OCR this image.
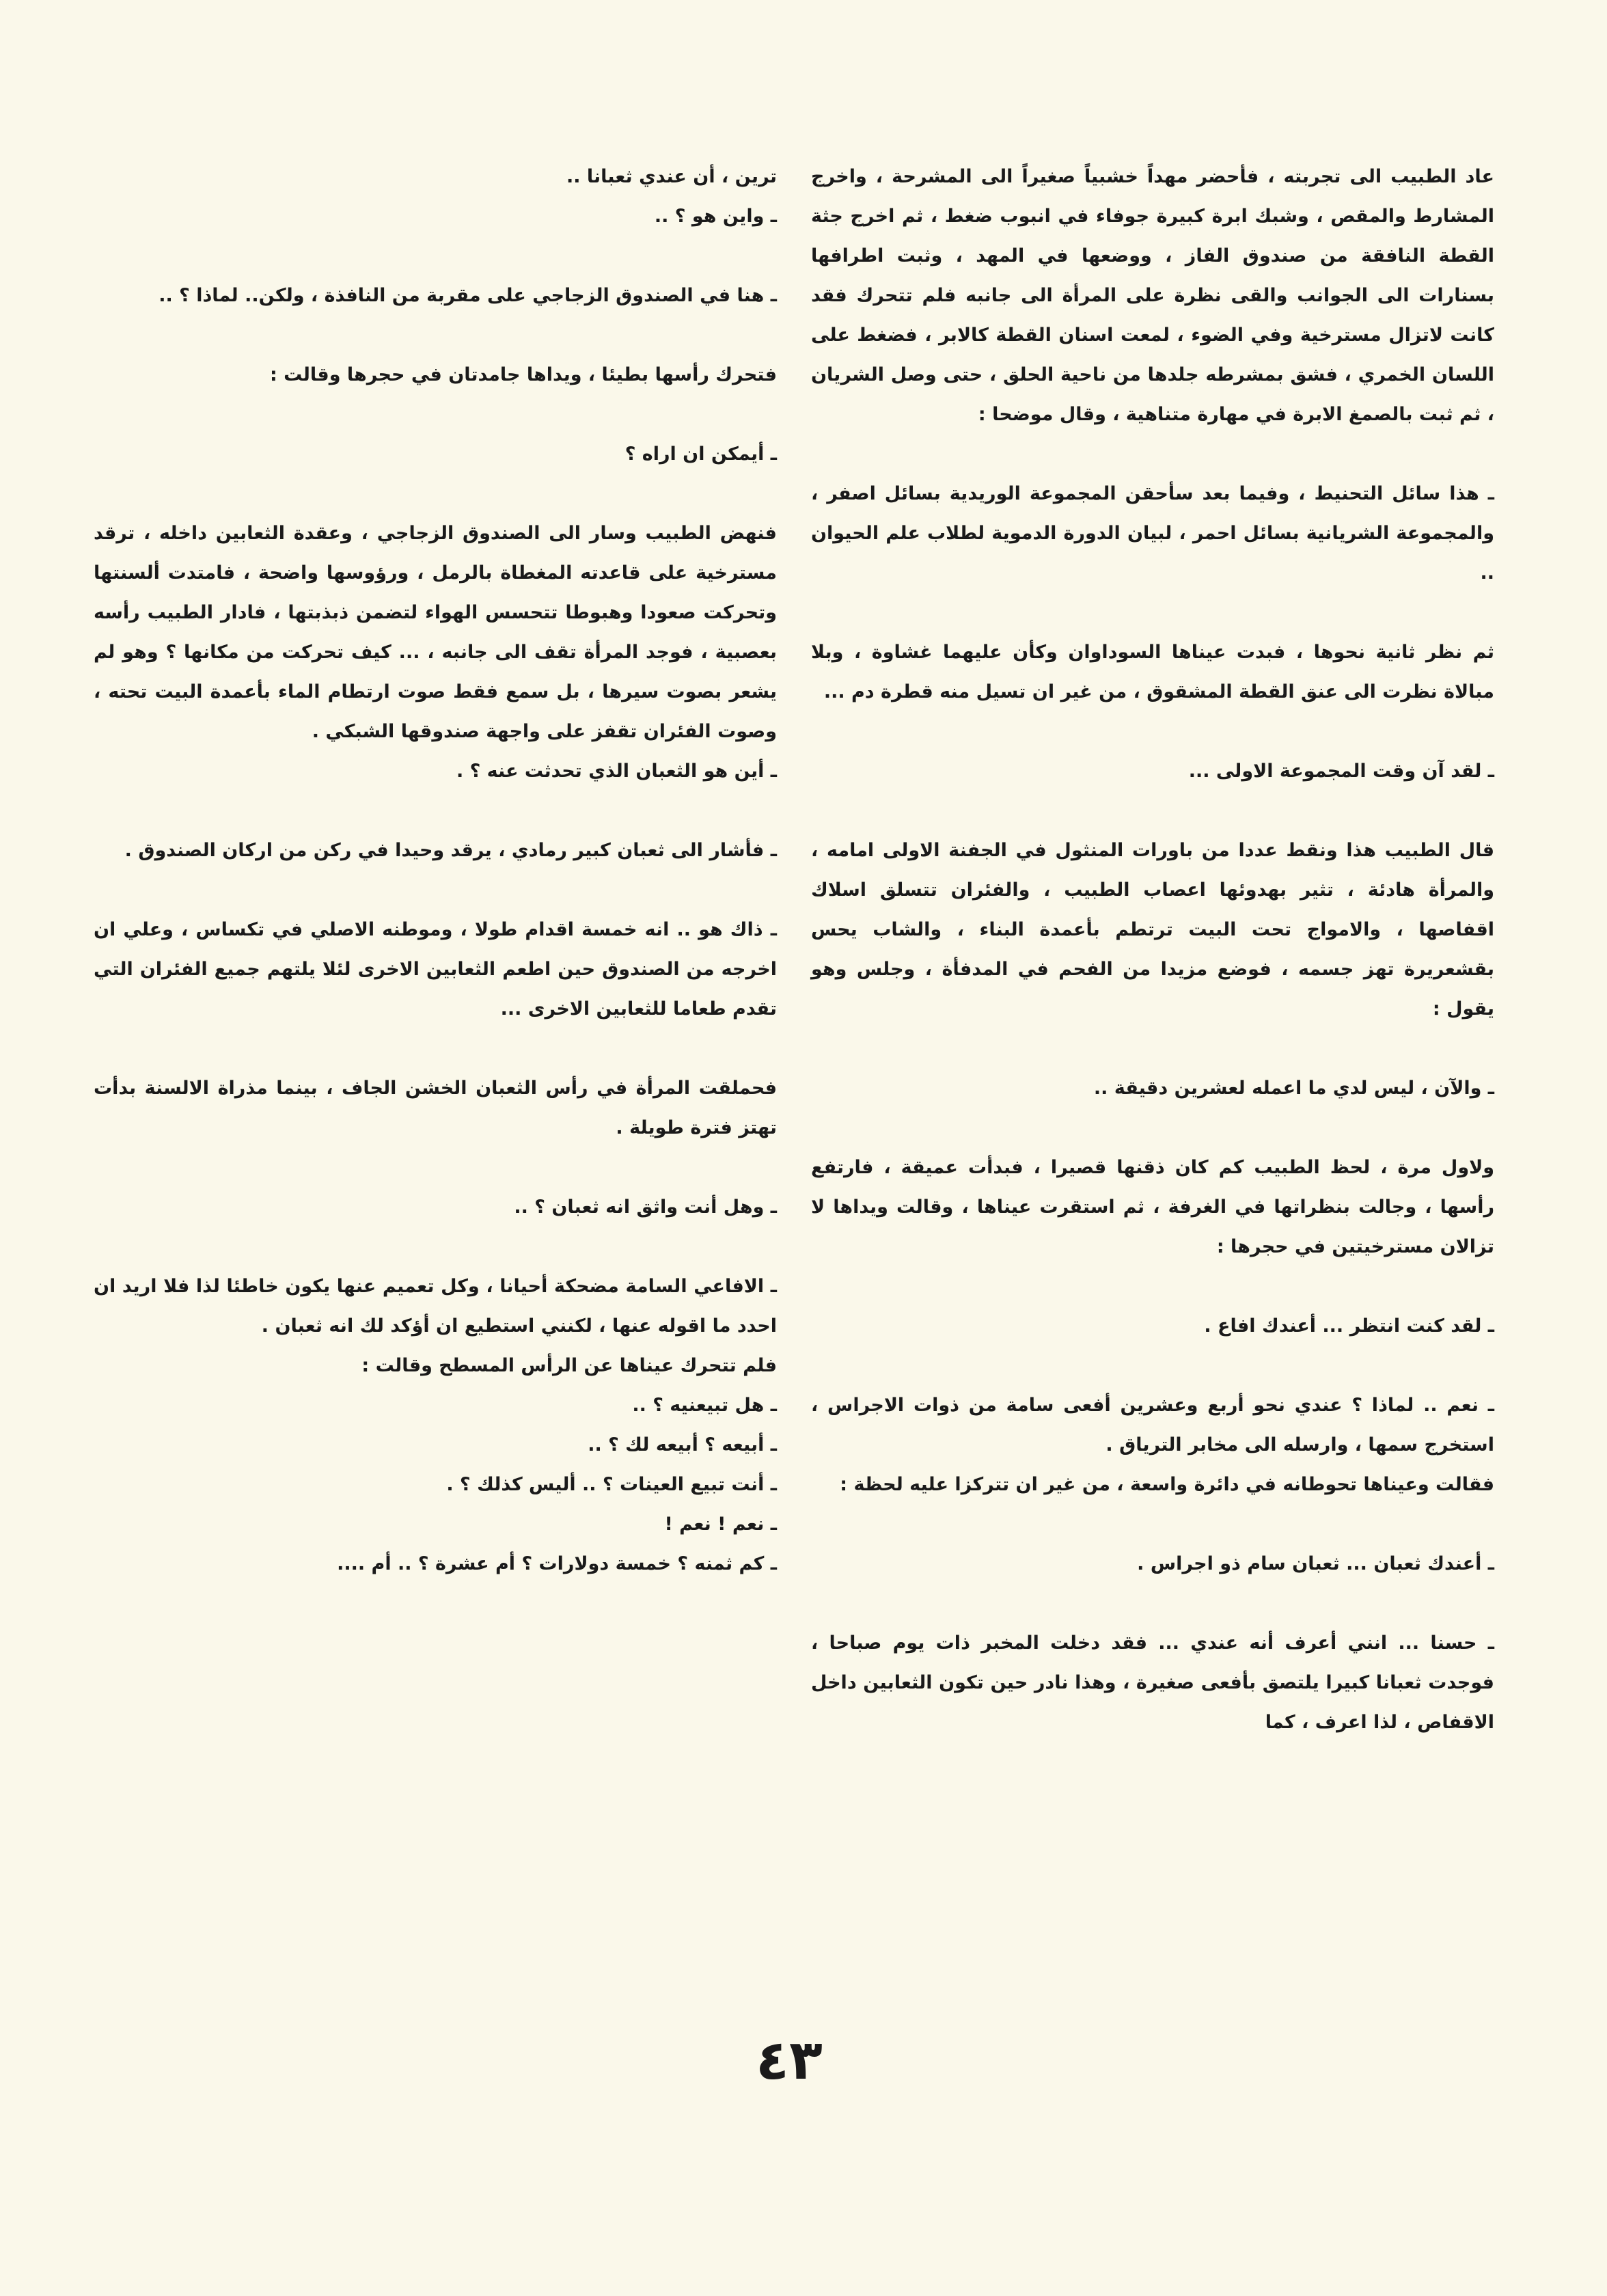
عاد الطبيب الى تجربته ، فأحضر مهداً خشبياً صغيراً الى المشرحة ، واخرج المشارط والمقص ، وشبك ابرة كبيرة جوفاء في انبوب ضغط ، ثم اخرج جثة القطة النافقة من صندوق الفاز ، ووضعها في المهد ، وثبت اطرافها بسنارات الى الجوانب والقى نظرة على المرأة الى جانبه فلم تتحرك فقد كانت لاتزال مسترخية وفي الضوء ، لمعت اسنان القطة كالابر ، فضغط على اللسان الخمري ، فشق بمشرطه جلدها من ناحية الحلق ، حتى وصل الشريان ، ثم ثبت بالصمغ الابرة في مهارة متناهية ، وقال موضحا :

ـ هذا سائل التحنيط ، وفيما بعد سأحقن المجموعة الوريدية بسائل اصفر ، والمجموعة الشريانية بسائل احمر ، لبيان الدورة الدموية لطلاب علم الحيوان ..

ثم نظر ثانية نحوها ، فبدت عيناها السوداوان وكأن عليهما غشاوة ، وبلا مبالاة نظرت الى عنق القطة المشقوق ، من غير ان تسيل منه قطرة دم ...

ـ لقد آن وقت المجموعة الاولى ...

قال الطبيب هذا ونقط عددا من باورات المنثول في الجفنة الاولى امامه ، والمرأة هادئة ، تثير بهدوئها اعصاب الطبيب ، والفئران تتسلق اسلاك اقفاصها ، والامواج تحت البيت ترتطم بأعمدة البناء ، والشاب يحس بقشعريرة تهز جسمه ، فوضع مزيدا من الفحم في المدفأة ، وجلس وهو يقول :

ـ والآن ، ليس لدي ما اعمله لعشرين دقيقة ..

ولاول مرة ، لحظ الطبيب كم كان ذقنها قصيرا ، فبدأت عميقة ، فارتفع رأسها ، وجالت بنظراتها في الغرفة ، ثم استقرت عيناها ، وقالت ويداها لا تزالان مسترخيتين في حجرها :

ـ لقد كنت انتظر ... أعندك افاع .

ـ نعم .. لماذا ؟ عندي نحو أربع وعشرين أفعى سامة من ذوات الاجراس ، استخرج سمها ، وارسله الى مخابر الترياق .

فقالت وعيناها تحوطانه في دائرة واسعة ، من غير ان تتركزا عليه لحظة :

ـ أعندك ثعبان ... ثعبان سام ذو اجراس .

ـ حسنا ... انني أعرف أنه عندي ... فقد دخلت المخبر ذات يوم صباحا ، فوجدت ثعبانا كبيرا يلتصق بأفعى صغيرة ، وهذا نادر حين تكون الثعابين داخل الاقفاص ، لذا اعرف ، كما

ترين ، أن عندي ثعبانا ..

ـ واين هو ؟ ..

ـ هنا في الصندوق الزجاجي على مقربة من النافذة ، ولكن.. لماذا ؟ ..

فتحرك رأسها بطيئا ، ويداها جامدتان في حجرها وقالت :

ـ أيمكن ان اراه ؟

فنهض الطبيب وسار الى الصندوق الزجاجي ، وعقدة الثعابين داخله ، ترقد مسترخية على قاعدته المغطاة بالرمل ، ورؤوسها واضحة ، فامتدت ألسنتها وتحركت صعودا وهبوطا تتحسس الهواء لتضمن ذبذبتها ، فادار الطبيب رأسه بعصبية ، فوجد المرأة تقف الى جانبه ، ... كيف تحركت من مكانها ؟ وهو لم يشعر بصوت سيرها ، بل سمع فقط صوت ارتطام الماء بأعمدة البيت تحته ، وصوت الفئران تقفز على واجهة صندوقها الشبكي .

ـ أين هو الثعبان الذي تحدثت عنه ؟ .

ـ فأشار الى ثعبان كبير رمادي ، يرقد وحيدا في ركن من اركان الصندوق .

ـ ذاك هو .. انه خمسة اقدام طولا ، وموطنه الاصلي في تكساس ، وعلي ان اخرجه من الصندوق حين اطعم الثعابين الاخرى لئلا يلتهم جميع الفئران التي تقدم طعاما للثعابين الاخرى ...

فحملقت المرأة في رأس الثعبان الخشن الجاف ، بينما مذراة الالسنة بدأت تهتز فترة طويلة .

ـ وهل أنت واثق انه ثعبان ؟ ..

ـ الافاعي السامة مضحكة أحيانا ، وكل تعميم عنها يكون خاطئا لذا فلا اريد ان احدد ما اقوله عنها ، لكنني استطيع ان أؤكد لك انه ثعبان .

فلم تتحرك عيناها عن الرأس المسطح وقالت :

ـ هل تبيعنيه ؟ ..

ـ أبيعه ؟ أبيعه لك ؟ ..

ـ أنت تبيع العينات ؟ .. أليس كذلك ؟ .

ـ نعم ! نعم !

ـ كم ثمنه ؟ خمسة دولارات ؟ أم عشرة ؟ .. أم ....

٤٣
